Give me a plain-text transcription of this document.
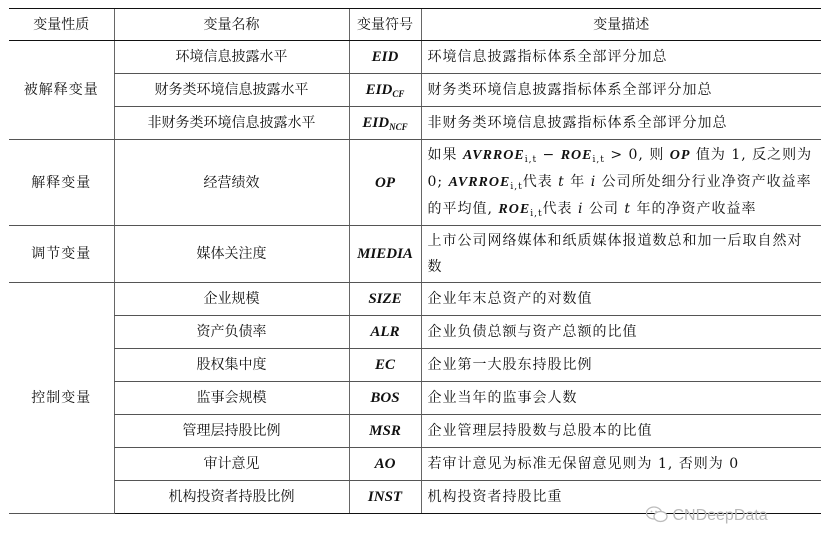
变量性质	变量名称	变量符号	变量描述
被解释变量	环境信息披露水平	EID	环境信息披露指标体系全部评分加总
	财务类环境信息披露水平	$EID_{CF}$	财务类环境信息披露指标体系全部评分加总
	非财务类环境信息披露水平	$EID_{NCF}$	非财务类环境信息披露指标体系全部评分加总
解释变量	经营绩效	OP	如果 $AVRROE_{i,t} - ROE_{i,t} > 0$, 则 OP 值为 1, 反之则为 0; $AVRROE_{i,t}$代表 t 年 i 公司所处细分行业净资产收益率的平均值, $ROE_{i,t}$代表 i 公司 t 年的净资产收益率
调节变量	媒体关注度	MIEDIA	上市公司网络媒体和纸质媒体报道数总和加一后取自然对数
控制变量	企业规模	SIZE	企业年末总资产的对数值
	资产负债率	ALR	企业负债总额与资产总额的比值
	股权集中度	EC	企业第一大股东持股比例
	监事会规模	BOS	企业当年的监事会人数
	管理层持股比例	MSR	企业管理层持股数与总股本的比值
	审计意见	AO	若审计意见为标准无保留意见则为 1, 否则为 0
	机构投资者持股比例	INST	机构投资者持股比重
CNDeepData
